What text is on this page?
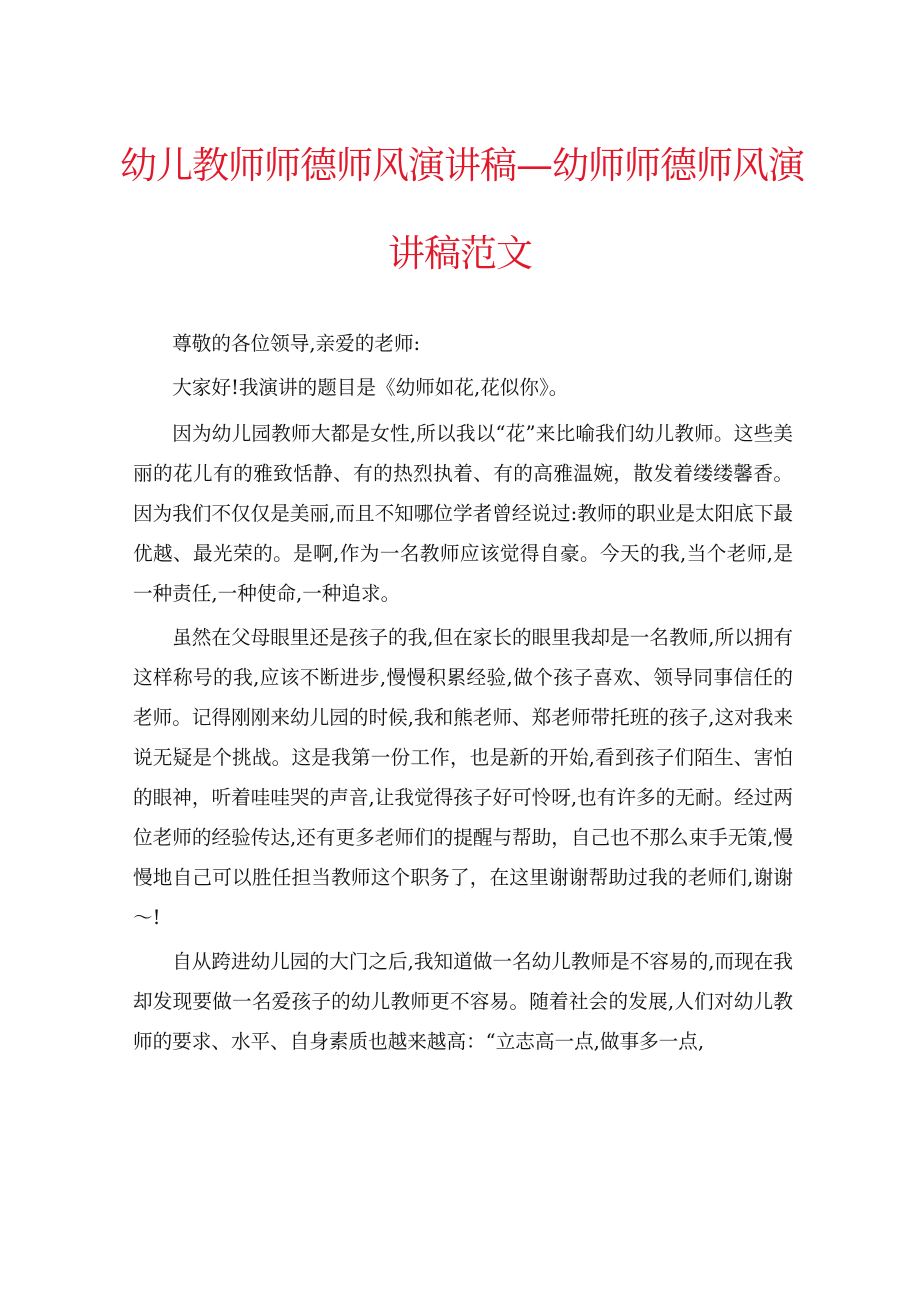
幼儿教师师德师风演讲稿—幼师师德师风演
讲稿范文

尊敬的各位领导,亲爱的老师:

大家好!我演讲的题目是《幼师如花,花似你》。

因为幼儿园教师大都是女性,所以我以“花”来比喻我们幼儿教师。这些美丽的花儿有的雅致恬静、有的热烈执着、有的高雅温婉，散发着缕缕馨香。因为我们不仅仅是美丽,而且不知哪位学者曾经说过:教师的职业是太阳底下最优越、最光荣的。是啊,作为一名教师应该觉得自豪。今天的我,当个老师,是一种责任,一种使命,一种追求。

虽然在父母眼里还是孩子的我,但在家长的眼里我却是一名教师,所以拥有这样称号的我,应该不断进步,慢慢积累经验,做个孩子喜欢、领导同事信任的老师。记得刚刚来幼儿园的时候,我和熊老师、郑老师带托班的孩子,这对我来说无疑是个挑战。这是我第一份工作，也是新的开始,看到孩子们陌生、害怕的眼神，听着哇哇哭的声音,让我觉得孩子好可怜呀,也有许多的无耐。经过两位老师的经验传达,还有更多老师们的提醒与帮助，自己也不那么束手无策,慢慢地自己可以胜任担当教师这个职务了，在这里谢谢帮助过我的老师们,谢谢～!

自从跨进幼儿园的大门之后,我知道做一名幼儿教师是不容易的,而现在我却发现要做一名爱孩子的幼儿教师更不容易。随着社会的发展,人们对幼儿教师的要求、水平、自身素质也越来越高：“立志高一点,做事多一点,
